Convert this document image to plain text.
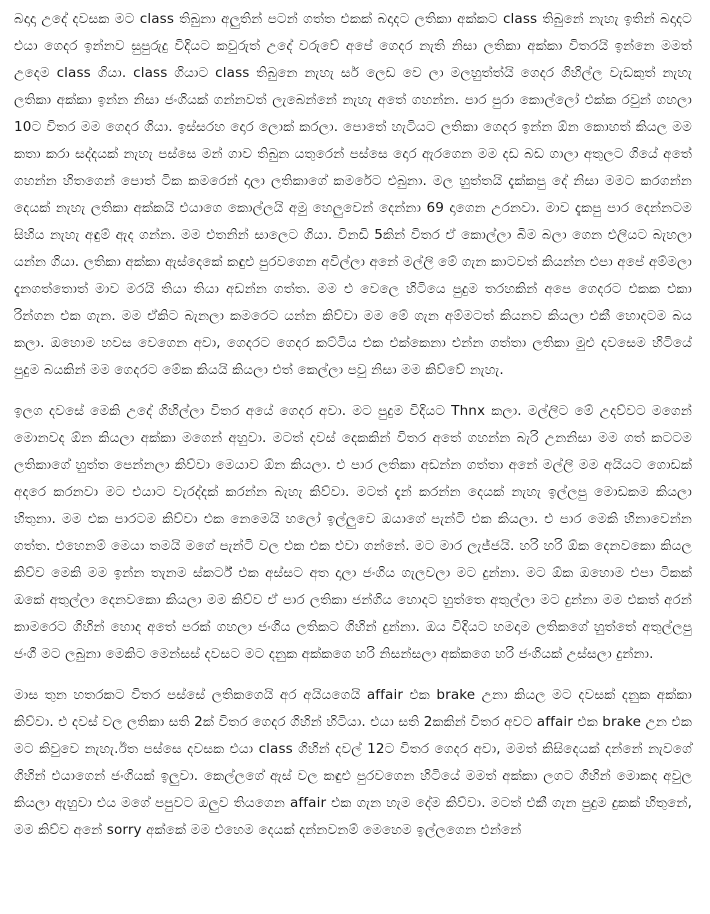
බදාදා උදේ දවසක මට class තිබුනා අලුතින් පටන් ගත්ත එකක් බදාදට ලතිකා අක්කට class තිබුනේ නැහැ ඉතින් බදාදට එයා ගෙදර ඉන්නව සුපුරුදු විදියට කවුරුත් උදේ වරුවේ අපේ ගෙදර නැති නිසා ලතිකා අක්කා විතරයි ඉන්නෙ මමත් උදෙම class ගියා. class ගියාට class තිබුනෙ නැහැ සර් ලෙඩ වෙ ලා මලහුත්ත්යි ගෙදර ගිහිල්ල වැඩකුත් නැහැ ලතිකා අක්කා ඉන්න නිසා ජංගියක් ගන්නවත් ලැබෙන්නේ නැහැ අතේ ගහන්න. පාර පුරා කොල්ලෝ එක්ක රවුන් ගහලා 10ට විතර මම ගෙදර ගියා. ඉස්සරහ දොර ලොක් කරලා. පොතේ හැටියට ලතිකා ගෙදර ඉන්න ඕන කොහත් කියල මම කතා කරා සද්දයක් නැහැ පස්සෙ මන් ගාව තිබුන යතුරෙන් පස්සෙ දොර ඇරගෙන මම දඩ බඩ ගාලා අතුලට ගියේ අතේ ගහන්න හිතගෙන් පොත් ටික කමරෙන් දාලා ලතිකාගේ කමරේට එබුනා. මල හුත්තයි දැක්කපු දේ නිසා මමට කරගන්න දෙයක් නැහැ ලතිකා අක්කයි එයාගෙ කොල්ලයි අමු හෙලුවෙන් දෙන්නා 69 දාගෙන උරනවා. මාව දැකපු පාර දෙන්නටම සිහිය නැහැ අඳුම් ඇද ගන්න. මම එතනින් සාලෙට ගියා. විනඩි 5කින් විතර ඒ කොල්ලා බිම බලා ගෙන එලියට බැහලා යන්න ගියා. ලතිකා අක්කා ඇස්දෙකේ කඳුළු පුරවගෙන අවිල්ලා අනේ මල්ලි මේ ගැන කාටවත් කියන්න එපා අපේ අම්මලා දැනගත්තොත් මාව මරයි තියා තියා අඩන්න ගත්ත. මම එ වෙලෙ හිටියෙ පුදුම තරහකින් අපෙ ගෙදරට එකක එකා රින්ගන එක ගැන. මම ඒකිට බැනලා කමරෙට යන්න කිව්වා මම මේ ගැන අම්මටත් කියනව කියලා එකී හොදටම බය කලා. ඔහොම හවස වෙගෙන අවා, ගෙදරට ගෙදර කට්ටිය එක එක්කෙනා එන්න ගත්තා ලතිකා මුළු දවසෙම හිටියේ පුදුම බයකින් මම ගෙදරට මේක කියයි කියලා එත් කෙල්ලා පවු නිසා මම කිව්වේ නැහැ.

ඉලග දවසේ මෙකි උදේ ගිහිල්ලා විතර අයේ ගෙදර අවා. මට පුදුම විදියට Thnx කලා. මල්ලිට මේ උදව්වට මගෙන් මොනවද ඕන කියලා අක්කා මගෙන් අහුවා. මටත් දවස් දෙකකින් විතර අතේ ගහන්න බැරි උනනිසා මම ගත් කටටම ලතිකාගේ හුත්ත පෙන්නලා කිව්වා මෙයාව ඕන කියලා. එ පාර ලතිකා අඩන්න ගත්තා අනේ මල්ලි මම අයියට ගොඩක් අදරෙ කරනවා මට එයාට වැරද්දක් කරන්න බැහැ කිව්වා. මටත් දැන් කරන්න දෙයක් නැහැ ඉල්ලපු මොඩකම කියලා හිතුනා. මම එක පාරටම කිව්වා එක නෙමෙයි හලෝ ඉල්ලුවෙ ඔයාගේ පැන්ටි එක කියලා. එ පාර මෙකි හිනාවෙන්න ගත්ත. එහෙනම් මෙයා තමයි මගේ පැන්ටි වල එක එක එවා ගන්නේ. මට මාර ලැජ්ජයි. හරි හරි ඕක දෙනවකො කියල කිව්ව මෙකි මම ඉන්න තැනම ස්කර්ට් එක අස්සට අත දාලා ජංගිය ගැලවලා මට දුන්නා. මට ඕක ඔහොම එපා ටිකක් ඔකේ අතුල්ලා දෙනවකො කියලා මම කිව්ව ඒ පාර ලතිකා ජන්ගිය හොදට හුත්තෙ අතුල්ලා මට දුන්නා මම එකත් අරන් කාමරෙට ගිහින් හොද අතේ පරක් ගහලා ජංගිය ලතිකට ගිහින් දුන්නා. ඔය විදියට හමදාම ලතිකගේ හුත්තේ අතුල්ලපු ජංගී මට ලබුනා මෙකිට මෙන්සස් දවසට මට දනුක අක්කගෙ හරි නිසන්සලා අක්කගෙ හරි ජංගියක් උස්සලා දුන්නා.

මාස තුන හතරකට විතර පස්සේ ලතිකගෙයි අර අයියගෙයි affair එක brake උනා කියල මට දවසක් දනුක අක්කා කිව්වා. එ දවස් වල ලතිකා සති 2ක් විතර ගෙදර ගිහින් හිටියා. එයා සති 2කකින් විතර අවට affair එක brake උන එක මට කිවුවෙ නැහැ.ඊත පස්සෙ දවසක එයා class ගිහින් දවල් 12ට විතර ගෙදර අවා, මමත් කිසිදෙයක් දන්නේ නැවගේ ගිහින් එයාගෙන් ජංගියක් ඉලුවා. කෙල්ලගේ ඇස් වල කඳුළු පුරවගෙන හිටියේ මමත් අක්කා ලගට ගිහින් මොකද අවුල කියලා ඇහුවා එය මගේ පපුවට ඔලුව තියගෙන affair එක ගැන හැම දේම කිව්වා. මටත් එකී ගැන පුදුම දුකක් හිතුනේ, මම කිව්ව අනේ sorry අක්කේ මම එහෙම දෙයක් දන්නවනම් මෙහෙම ඉල්ලගෙන එන්නේ
